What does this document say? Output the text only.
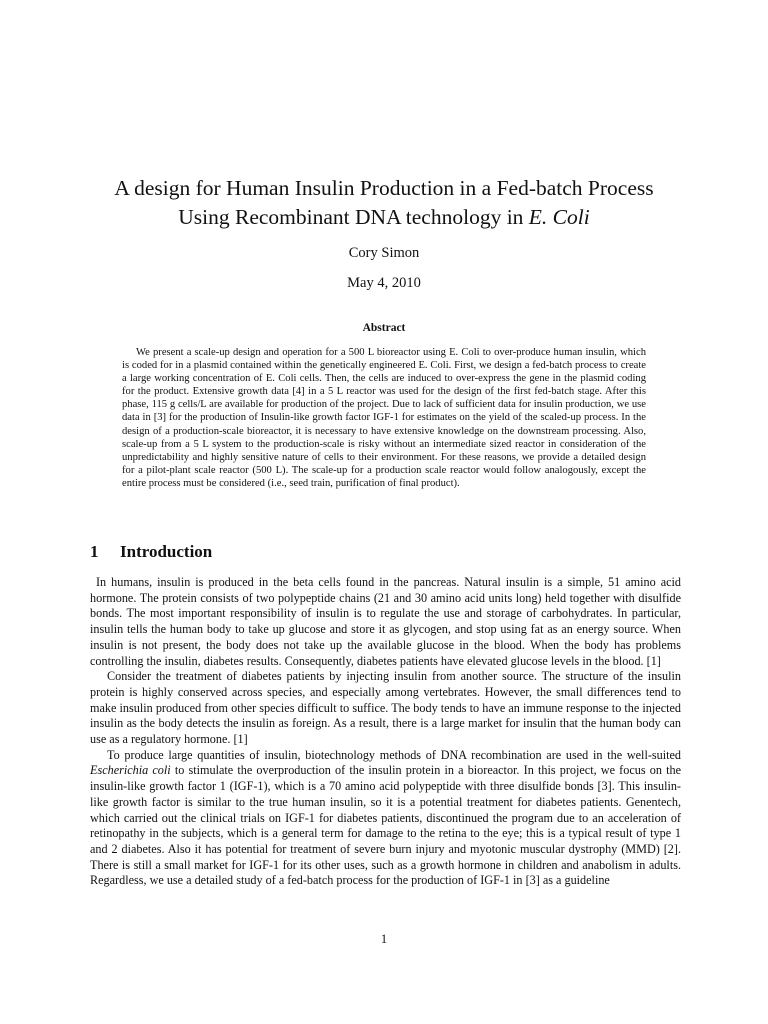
A design for Human Insulin Production in a Fed-batch Process
Using Recombinant DNA technology in E. Coli
Cory Simon
May 4, 2010
Abstract
We present a scale-up design and operation for a 500 L bioreactor using E. Coli to over-produce human insulin, which is coded for in a plasmid contained within the genetically engineered E. Coli. First, we design a fed-batch process to create a large working concentration of E. Coli cells. Then, the cells are induced to over-express the gene in the plasmid coding for the product. Extensive growth data [4] in a 5 L reactor was used for the design of the first fed-batch stage. After this phase, 115 g cells/L are available for production of the project. Due to lack of sufficient data for insulin production, we use data in [3] for the production of Insulin-like growth factor IGF-1 for estimates on the yield of the scaled-up process. In the design of a production-scale bioreactor, it is necessary to have extensive knowledge on the downstream processing. Also, scale-up from a 5 L system to the production-scale is risky without an intermediate sized reactor in consideration of the unpredictability and highly sensitive nature of cells to their environment. For these reasons, we provide a detailed design for a pilot-plant scale reactor (500 L). The scale-up for a production scale reactor would follow analogously, except the entire process must be considered (i.e., seed train, purification of final product).
1 Introduction

In humans, insulin is produced in the beta cells found in the pancreas. Natural insulin is a simple, 51 amino acid hormone. The protein consists of two polypeptide chains (21 and 30 amino acid units long) held together with disulfide bonds. The most important responsibility of insulin is to regulate the use and storage of carbohydrates. In particular, insulin tells the human body to take up glucose and store it as glycogen, and stop using fat as an energy source. When insulin is not present, the body does not take up the available glucose in the blood. When the body has problems controlling the insulin, diabetes results. Consequently, diabetes patients have elevated glucose levels in the blood. [1]

Consider the treatment of diabetes patients by injecting insulin from another source. The structure of the insulin protein is highly conserved across species, and especially among vertebrates. However, the small differences tend to make insulin produced from other species difficult to suffice. The body tends to have an immune response to the injected insulin as the body detects the insulin as foreign. As a result, there is a large market for insulin that the human body can use as a regulatory hormone. [1]

To produce large quantities of insulin, biotechnology methods of DNA recombination are used in the well-suited Escherichia coli to stimulate the overproduction of the insulin protein in a bioreactor. In this project, we focus on the insulin-like growth factor 1 (IGF-1), which is a 70 amino acid polypeptide with three disulfide bonds [3]. This insulin-like growth factor is similar to the true human insulin, so it is a potential treatment for diabetes patients. Genentech, which carried out the clinical trials on IGF-1 for diabetes patients, discontinued the program due to an acceleration of retinopathy in the subjects, which is a general term for damage to the retina to the eye; this is a typical result of type 1 and 2 diabetes. Also it has potential for treatment of severe burn injury and myotonic muscular dystrophy (MMD) [2]. There is still a small market for IGF-1 for its other uses, such as a growth hormone in children and anabolism in adults. Regardless, we use a detailed study of a fed-batch process for the production of IGF-1 in [3] as a guideline

1
